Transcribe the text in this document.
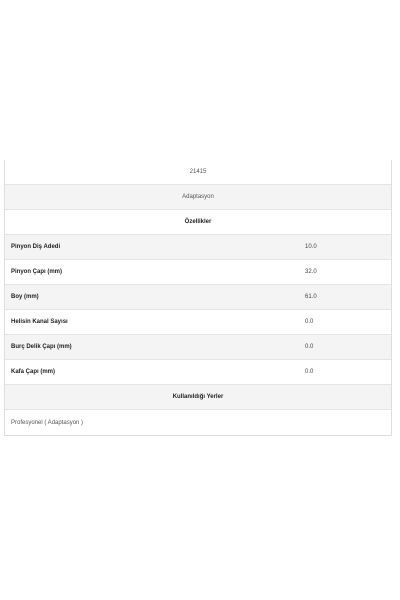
21415
Adaptasyon
Özellikler
Pinyon Diş Adedi	10.0
Pinyon Çapı (mm)	32.0
Boy (mm)	61.0
Helisin Kanal Sayısı	0.0
Burç Delik Çapı (mm)	0.0
Kafa Çapı (mm)	0.0
Kullanıldığı Yerler
Profesyonel ( Adaptasyon )
